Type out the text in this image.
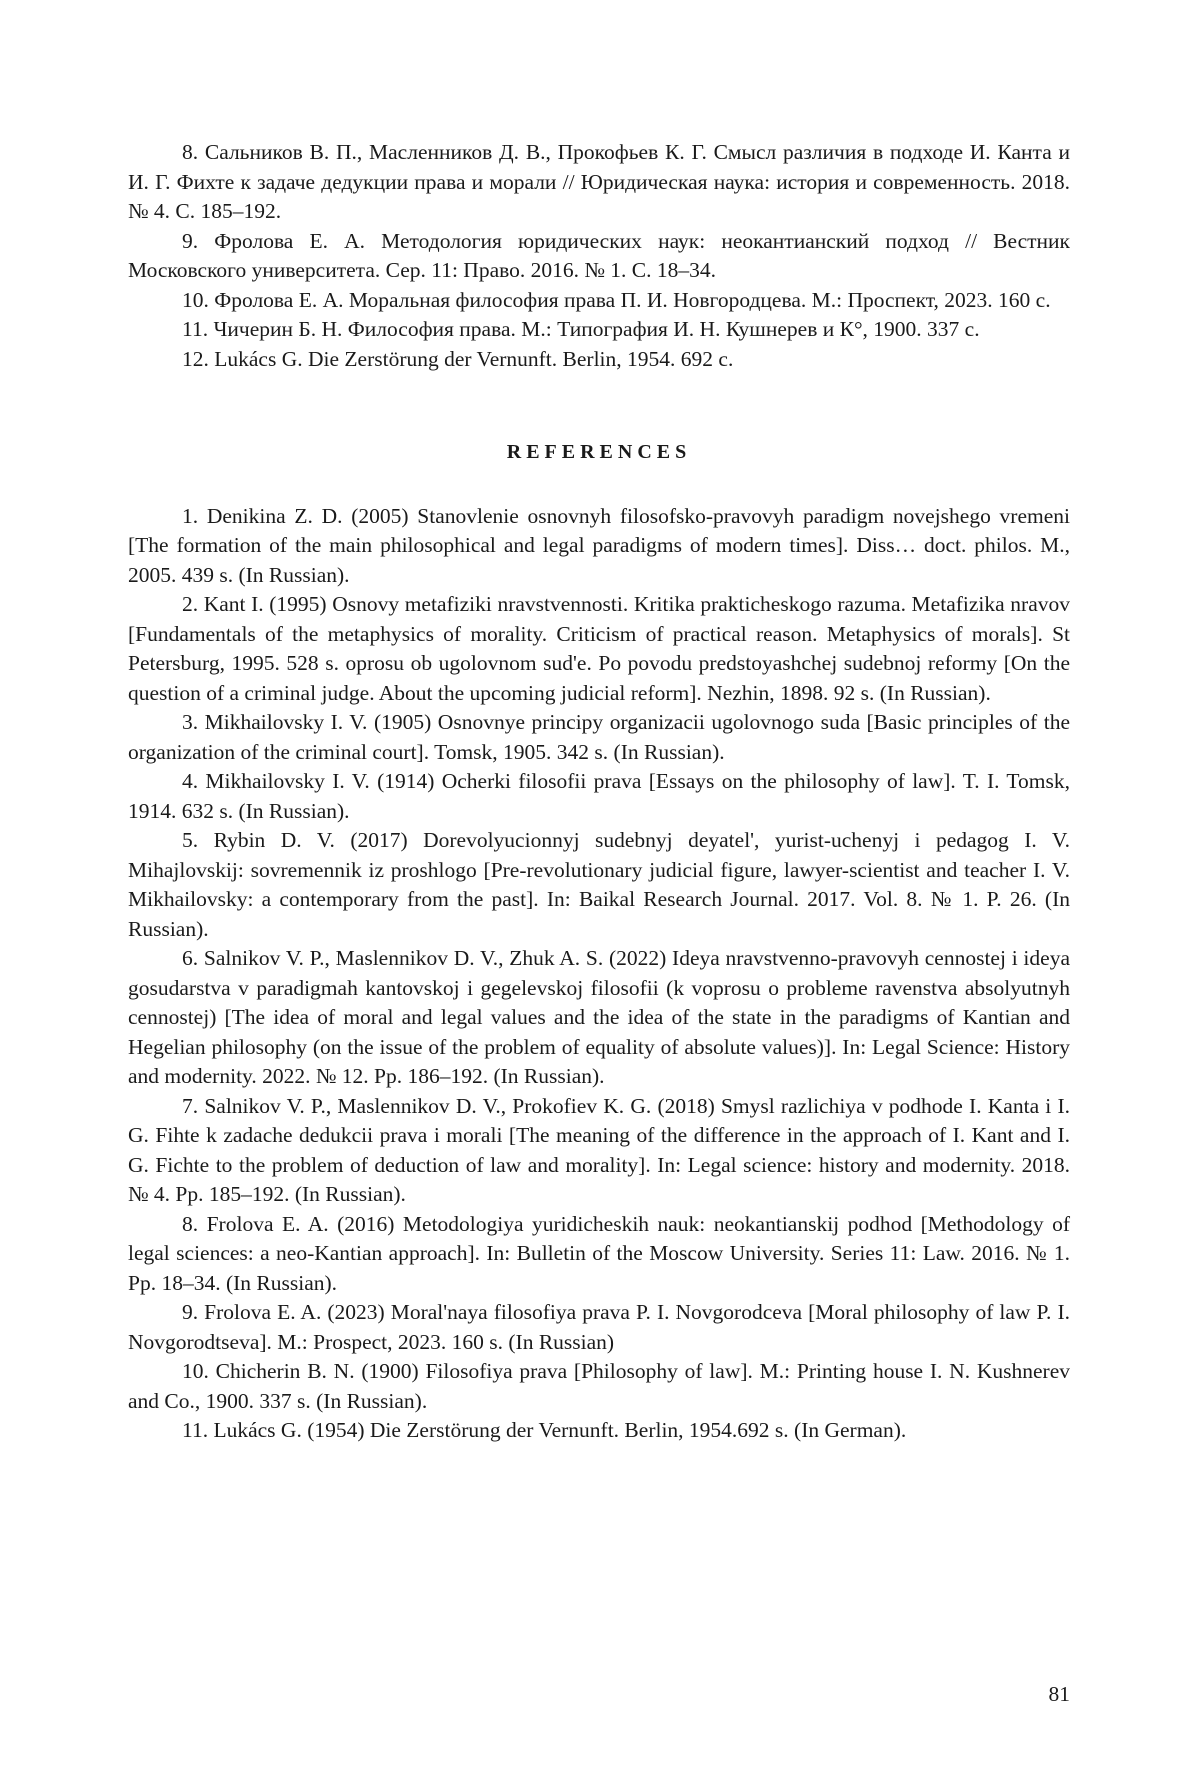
8. Сальников В. П., Масленников Д. В., Прокофьев К. Г. Смысл различия в подходе И. Канта и И. Г. Фихте к задаче дедукции права и морали // Юридическая наука: история и современность. 2018. № 4. С. 185–192.

9. Фролова Е. А. Методология юридических наук: неокантианский подход // Вестник Московского университета. Сер. 11: Право. 2016. № 1. С. 18–34.

10. Фролова Е. А. Моральная философия права П. И. Новгородцева. М.: Проспект, 2023. 160 с.

11. Чичерин Б. Н. Философия права. М.: Типография И. Н. Кушнерев и К°, 1900. 337 с.

12. Lukács G. Die Zerstörung der Vernunft. Berlin, 1954. 692 с.

REFERENCES

1. Denikina Z. D. (2005) Stanovlenie osnovnyh filosofsko-pravovyh paradigm novejshego vremeni [The formation of the main philosophical and legal paradigms of modern times]. Diss… doct. philos. M., 2005. 439 s. (In Russian).

2. Kant I. (1995) Osnovy metafiziki nravstvennosti. Kritika prakticheskogo razuma. Metafizika nravov [Fundamentals of the metaphysics of morality. Criticism of practical reason. Metaphysics of morals]. St Petersburg, 1995. 528 s. oprosu ob ugolovnom sud'e. Po povodu predstoyashchej sudebnoj reformy [On the question of a criminal judge. About the upcoming judicial reform]. Nezhin, 1898. 92 s. (In Russian).

3. Mikhailovsky I. V. (1905) Osnovnye principy organizacii ugolovnogo suda [Basic principles of the organization of the criminal court]. Tomsk, 1905. 342 s. (In Russian).

4. Mikhailovsky I. V. (1914) Ocherki filosofii prava [Essays on the philosophy of law]. T. I. Tomsk, 1914. 632 s. (In Russian).

5. Rybin D. V. (2017) Dorevolyucionnyj sudebnyj deyatel', yurist-uchenyj i pedagog I. V. Mihajlovskij: sovremennik iz proshlogo [Pre-revolutionary judicial figure, lawyer-scientist and teacher I. V. Mikhailovsky: a contemporary from the past]. In: Baikal Research Journal. 2017. Vol. 8. № 1. P. 26. (In Russian).

6. Salnikov V. P., Maslennikov D. V., Zhuk A. S. (2022) Ideya nravstvenno-pravovyh cennostej i ideya gosudarstva v paradigmah kantovskoj i gegelevskoj filosofii (k voprosu o probleme ravenstva absolyutnyh cennostej) [The idea of moral and legal values and the idea of the state in the paradigms of Kantian and Hegelian philosophy (on the issue of the problem of equality of absolute values)]. In: Legal Science: History and modernity. 2022. № 12. Pp. 186–192. (In Russian).

7. Salnikov V. P., Maslennikov D. V., Prokofiev K. G. (2018) Smysl razlichiya v podhode I. Kanta i I. G. Fihte k zadache dedukcii prava i morali [The meaning of the difference in the approach of I. Kant and I. G. Fichte to the problem of deduction of law and morality]. In: Legal science: history and modernity. 2018. № 4. Pp. 185–192. (In Russian).

8. Frolova E. A. (2016) Metodologiya yuridicheskih nauk: neokantianskij podhod [Methodology of legal sciences: a neo-Kantian approach]. In: Bulletin of the Moscow University. Series 11: Law. 2016. № 1. Pp. 18–34. (In Russian).

9. Frolova E. A. (2023) Moral'naya filosofiya prava P. I. Novgorodceva [Moral philosophy of law P. I. Novgorodtseva]. M.: Prospect, 2023. 160 s. (In Russian)

10. Chicherin B. N. (1900) Filosofiya prava [Philosophy of law]. M.: Printing house I. N. Kushnerev and Co., 1900. 337 s. (In Russian).

11. Lukács G. (1954) Die Zerstörung der Vernunft. Berlin, 1954.692 s. (In German).

81
